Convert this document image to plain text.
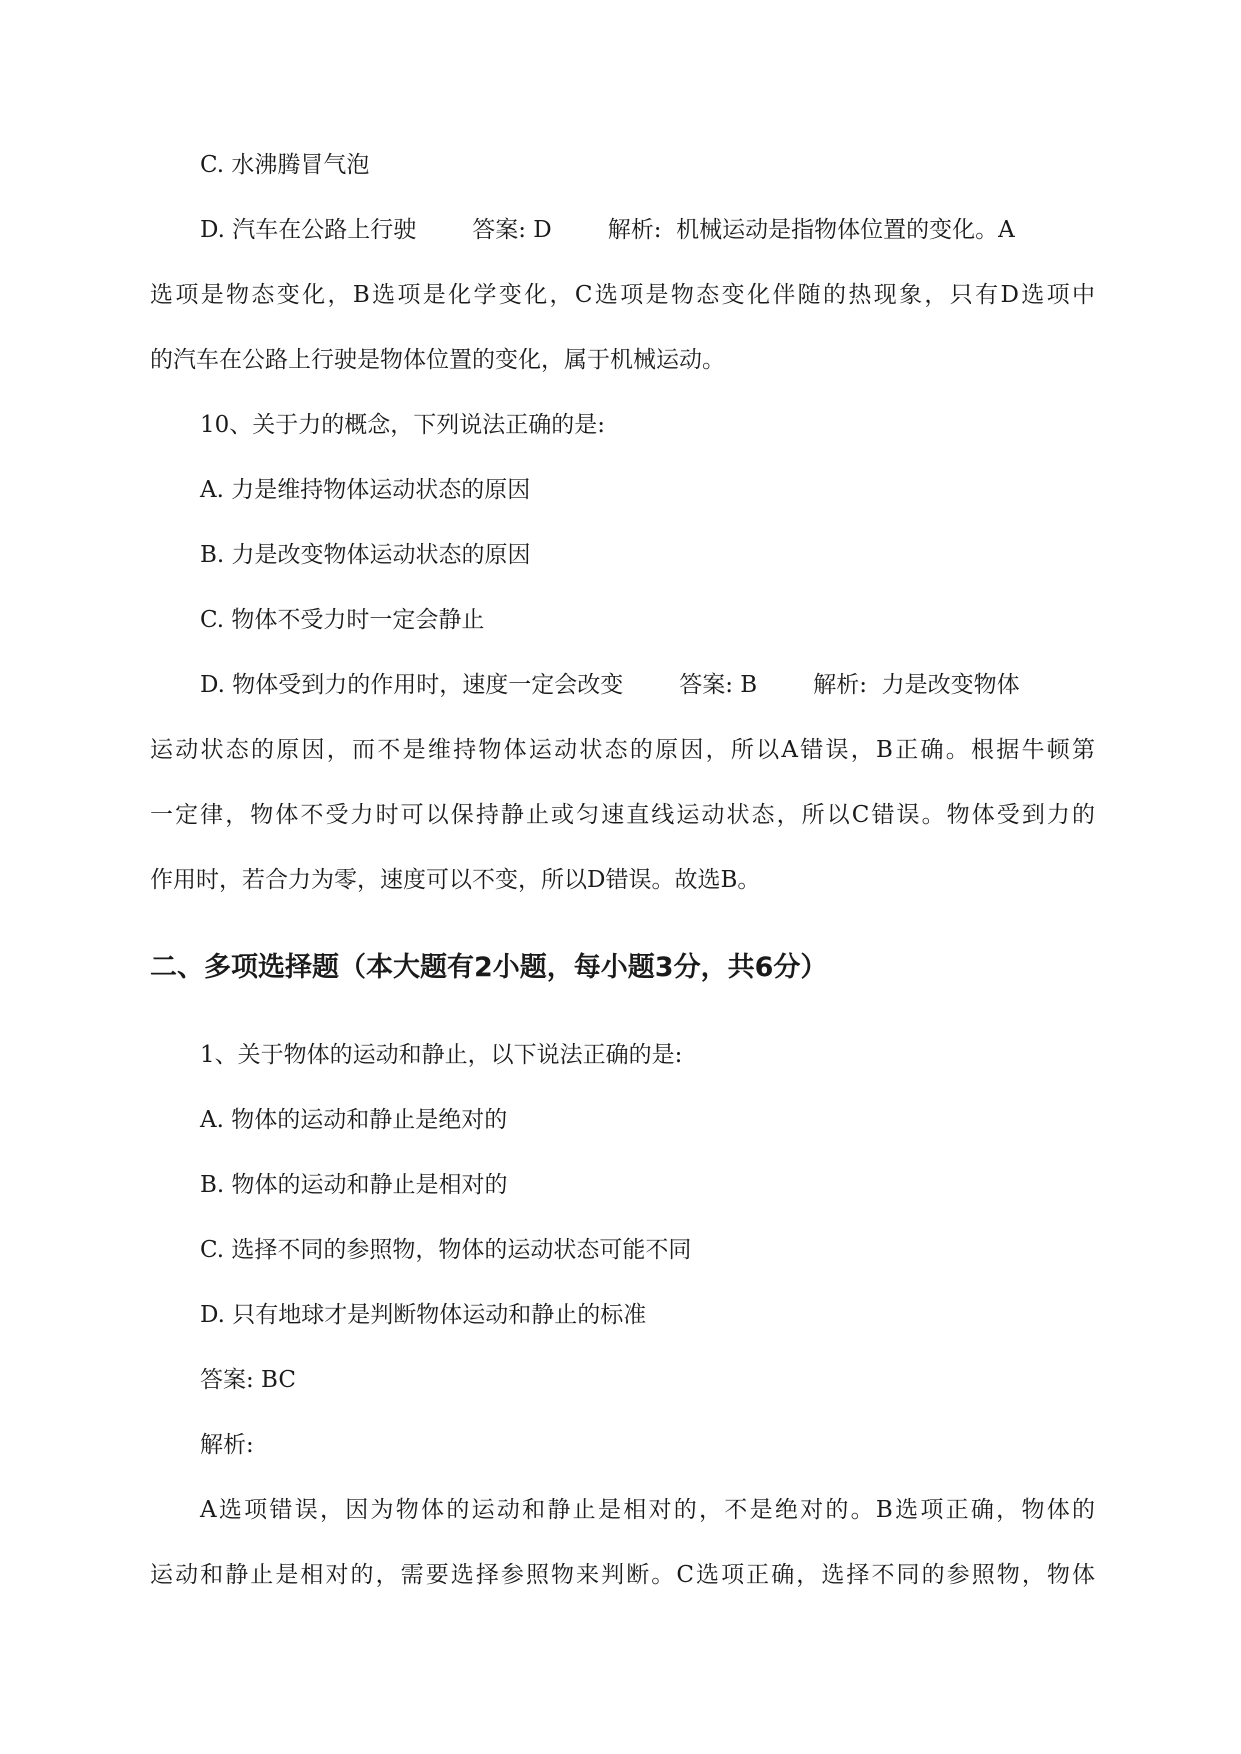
C. 水沸腾冒气泡
D. 汽车在公路上行驶 答案: D 解析: 机械运动是指物体位置的变化。A
选项是物态变化，B选项是化学变化，C选项是物态变化伴随的热现象，只有D选项中
的汽车在公路上行驶是物体位置的变化，属于机械运动。
10、关于力的概念，下列说法正确的是:
A. 力是维持物体运动状态的原因
B. 力是改变物体运动状态的原因
C. 物体不受力时一定会静止
D. 物体受到力的作用时，速度一定会改变 答案: B 解析: 力是改变物体
运动状态的原因，而不是维持物体运动状态的原因，所以A错误，B正确。根据牛顿第
一定律，物体不受力时可以保持静止或匀速直线运动状态，所以C错误。物体受到力的
作用时，若合力为零，速度可以不变，所以D错误。故选B。
二、多项选择题（本大题有2小题，每小题3分，共6分）
1、关于物体的运动和静止，以下说法正确的是:
A. 物体的运动和静止是绝对的
B. 物体的运动和静止是相对的
C. 选择不同的参照物，物体的运动状态可能不同
D. 只有地球才是判断物体运动和静止的标准
答案: BC
解析:
A选项错误，因为物体的运动和静止是相对的，不是绝对的。B选项正确，物体的
运动和静止是相对的，需要选择参照物来判断。C选项正确，选择不同的参照物，物体
